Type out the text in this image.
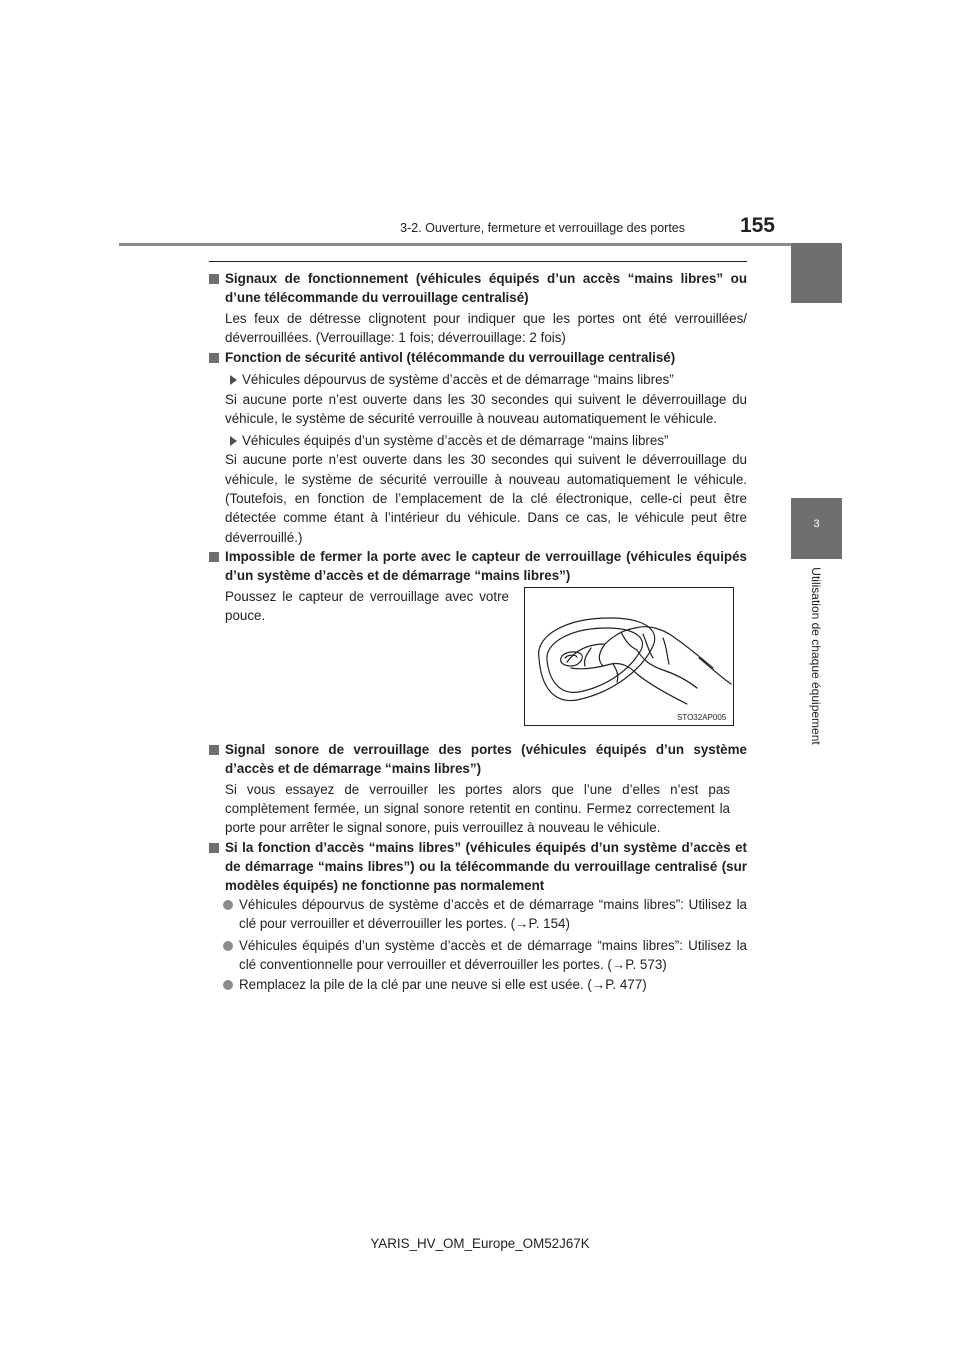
3-2. Ouverture, fermeture et verrouillage des portes	155
3
Utilisation de chaque équipement
Signaux de fonctionnement (véhicules équipés d’un accès “mains libres” ou
d’une télécommande du verrouillage centralisé)
Les feux de détresse clignotent pour indiquer que les portes ont été verrouillées/
déverrouillées. (Verrouillage: 1 fois; déverrouillage: 2 fois)
Fonction de sécurité antivol (télécommande du verrouillage centralisé)
Véhicules dépourvus de système d’accès et de démarrage “mains libres”
Si aucune porte n’est ouverte dans les 30 secondes qui suivent le déverrouillage du
véhicule, le système de sécurité verrouille à nouveau automatiquement le véhicule.
Véhicules équipés d’un système d’accès et de démarrage “mains libres”
Si aucune porte n’est ouverte dans les 30 secondes qui suivent le déverrouillage du
véhicule, le système de sécurité verrouille à nouveau automatiquement le véhicule.
(Toutefois, en fonction de l’emplacement de la clé électronique, celle-ci peut être
détectée comme étant à l’intérieur du véhicule. Dans ce cas, le véhicule peut être
déverrouillé.)
Impossible de fermer la porte avec le capteur de verrouillage (véhicules équipés
d’un système d’accès et de démarrage “mains libres”)
Poussez le capteur de verrouillage avec votre
pouce.
STO32AP005
Signal sonore de verrouillage des portes (véhicules équipés d’un système
d’accès et de démarrage “mains libres”)
Si vous essayez de verrouiller les portes alors que l’une d’elles n’est pas
complètement fermée, un signal sonore retentit en continu. Fermez correctement la
porte pour arrêter le signal sonore, puis verrouillez à nouveau le véhicule.
Si la fonction d’accès “mains libres” (véhicules équipés d’un système d’accès et
de démarrage “mains libres”) ou la télécommande du verrouillage centralisé (sur
modèles équipés) ne fonctionne pas normalement
Véhicules dépourvus de système d’accès et de démarrage “mains libres”: Utilisez la
clé pour verrouiller et déverrouiller les portes. (→P. 154)
Véhicules équipés d’un système d’accès et de démarrage “mains libres”: Utilisez la
clé conventionnelle pour verrouiller et déverrouiller les portes. (→P. 573)
Remplacez la pile de la clé par une neuve si elle est usée. (→P. 477)
YARIS_HV_OM_Europe_OM52J67K
